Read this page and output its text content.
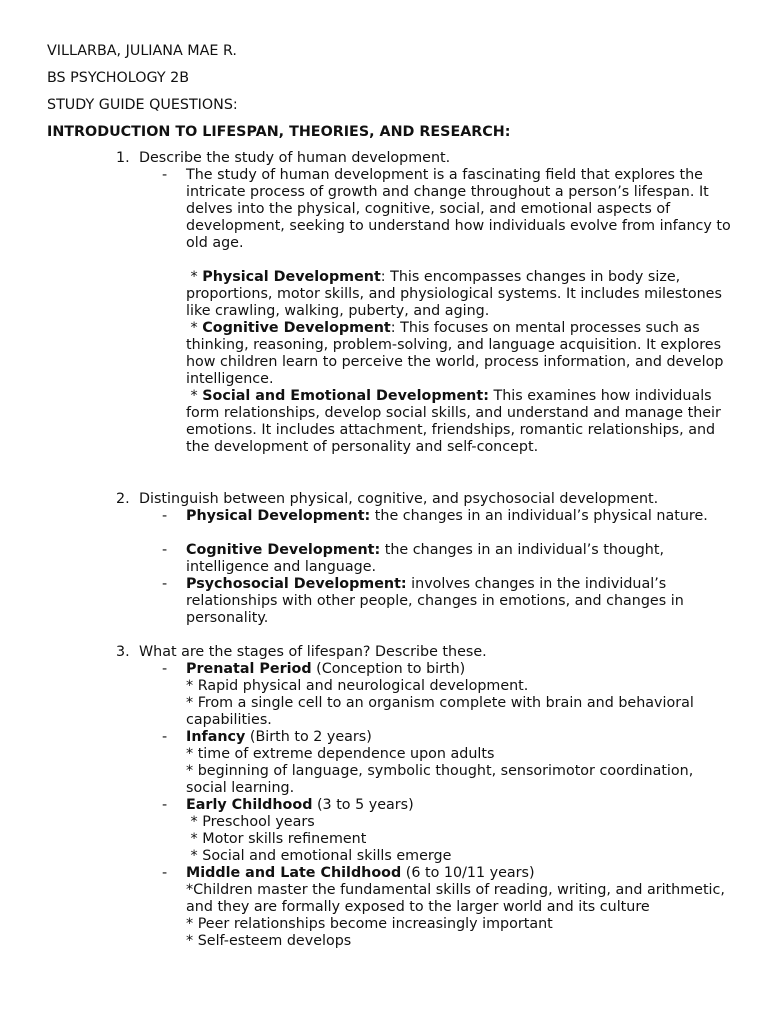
VILLARBA, JULIANA MAE R.
BS PSYCHOLOGY 2B
STUDY GUIDE QUESTIONS:
INTRODUCTION TO LIFESPAN, THEORIES, AND RESEARCH:
1. Describe the study of human development.
- The study of human development is a fascinating field that explores the intricate process of growth and change throughout a person’s lifespan. It delves into the physical, cognitive, social, and emotional aspects of development, seeking to understand how individuals evolve from infancy to old age.

* Physical Development: This encompasses changes in body size, proportions, motor skills, and physiological systems. It includes milestones like crawling, walking, puberty, and aging.

* Cognitive Development: This focuses on mental processes such as thinking, reasoning, problem-solving, and language acquisition. It explores how children learn to perceive the world, process information, and develop intelligence.

* Social and Emotional Development: This examines how individuals form relationships, develop social skills, and understand and manage their emotions. It includes attachment, friendships, romantic relationships, and the development of personality and self-concept.

2. Distinguish between physical, cognitive, and psychosocial development.
- Physical Development: the changes in an individual’s physical nature.
- Cognitive Development: the changes in an individual’s thought, intelligence and language.
- Psychosocial Development: involves changes in the individual’s relationships with other people, changes in emotions, and changes in personality.
3. What are the stages of lifespan? Describe these.
- Prenatal Period (Conception to birth)

* Rapid physical and neurological development.

* From a single cell to an organism complete with brain and behavioral capabilities.

- Infancy (Birth to 2 years)

* time of extreme dependence upon adults

* beginning of language, symbolic thought, sensorimotor coordination, social learning.

- Early Childhood (3 to 5 years)

* Preschool years

* Motor skills refinement

* Social and emotional skills emerge

- Middle and Late Childhood (6 to 10/11 years)

*Children master the fundamental skills of reading, writing, and arithmetic, and they are formally exposed to the larger world and its culture

* Peer relationships become increasingly important

* Self-esteem develops
